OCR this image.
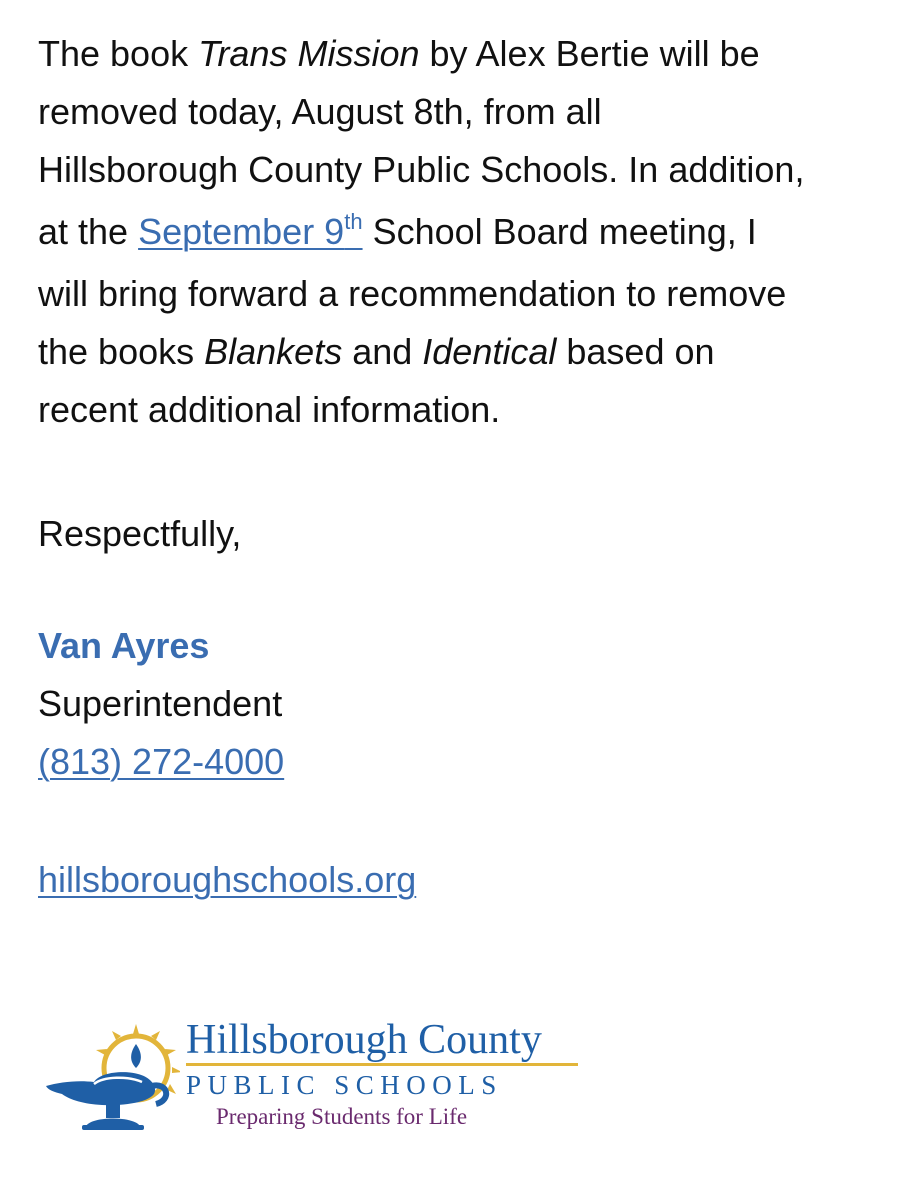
The book Trans Mission by Alex Bertie will be
removed today, August 8th, from all
Hillsborough County Public Schools. In addition,
at the September 9th School Board meeting, I
will bring forward a recommendation to remove
the books Blankets and Identical based on
recent additional information.

Respectfully,

Van Ayres

Superintendent

(813) 272-4000

hillsboroughschools.org

Hillsborough County
PUBLIC SCHOOLS
Preparing Students for Life
